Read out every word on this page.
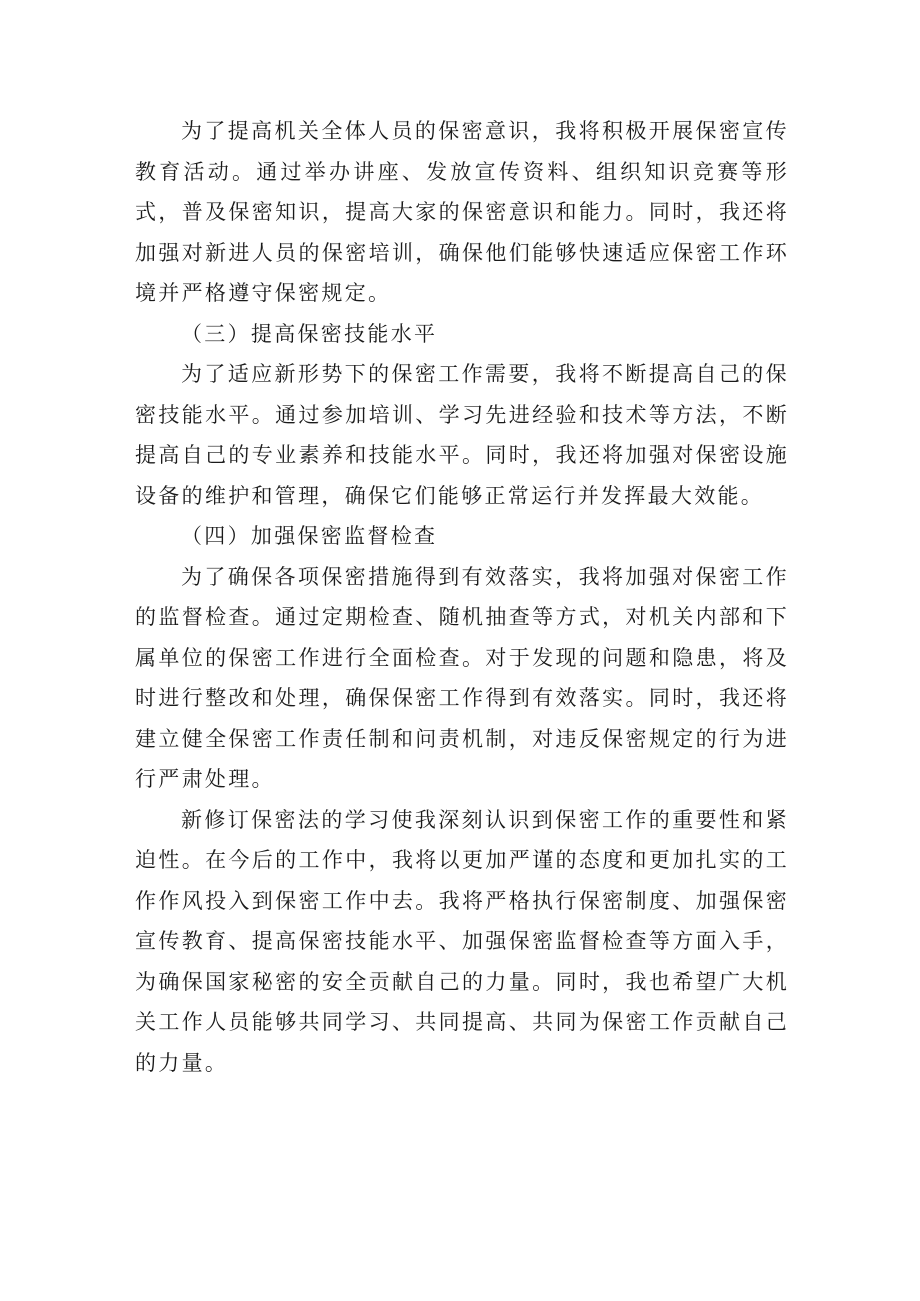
为了提高机关全体人员的保密意识，我将积极开展保密宣传教育活动。通过举办讲座、发放宣传资料、组织知识竞赛等形式，普及保密知识，提高大家的保密意识和能力。同时，我还将加强对新进人员的保密培训，确保他们能够快速适应保密工作环境并严格遵守保密规定。

（三）提高保密技能水平

为了适应新形势下的保密工作需要，我将不断提高自己的保密技能水平。通过参加培训、学习先进经验和技术等方法，不断提高自己的专业素养和技能水平。同时，我还将加强对保密设施设备的维护和管理，确保它们能够正常运行并发挥最大效能。

（四）加强保密监督检查

为了确保各项保密措施得到有效落实，我将加强对保密工作的监督检查。通过定期检查、随机抽查等方式，对机关内部和下属单位的保密工作进行全面检查。对于发现的问题和隐患，将及时进行整改和处理，确保保密工作得到有效落实。同时，我还将建立健全保密工作责任制和问责机制，对违反保密规定的行为进行严肃处理。

新修订保密法的学习使我深刻认识到保密工作的重要性和紧迫性。在今后的工作中，我将以更加严谨的态度和更加扎实的工作作风投入到保密工作中去。我将严格执行保密制度、加强保密宣传教育、提高保密技能水平、加强保密监督检查等方面入手，为确保国家秘密的安全贡献自己的力量。同时，我也希望广大机关工作人员能够共同学习、共同提高、共同为保密工作贡献自己的力量。
